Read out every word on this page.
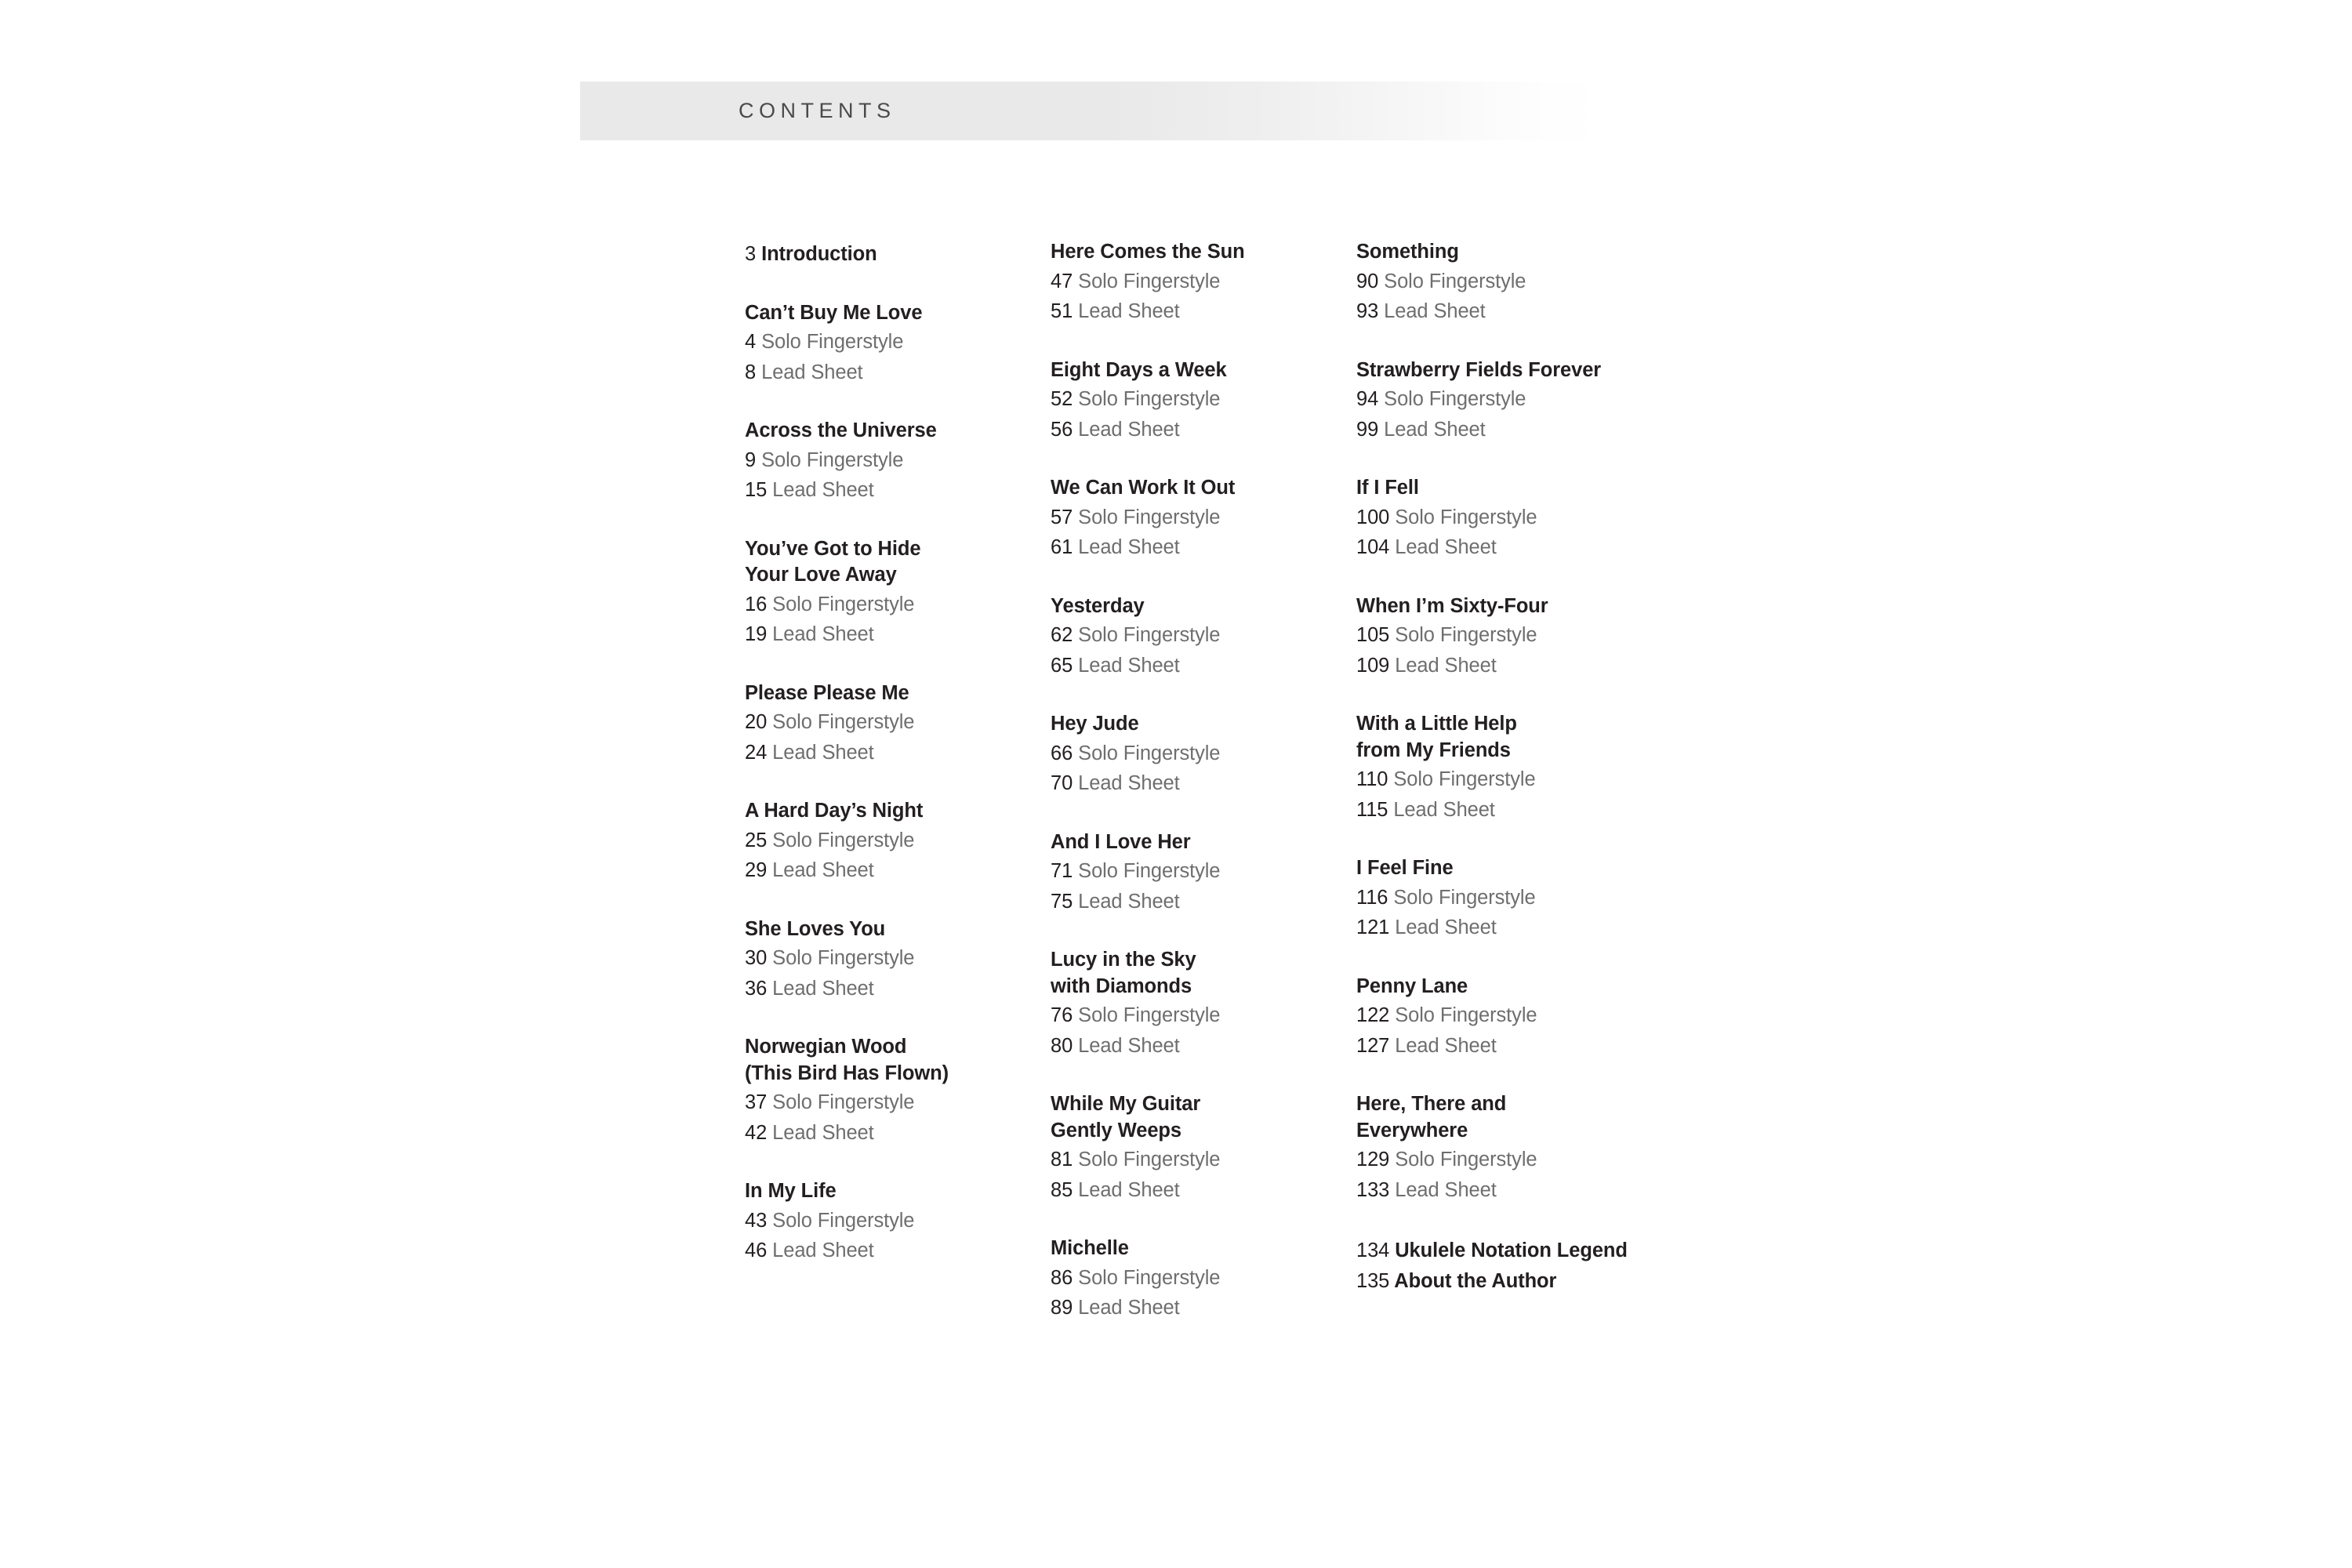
CONTENTS
3 Introduction
Can’t Buy Me Love
4 Solo Fingerstyle
8 Lead Sheet
Across the Universe
9 Solo Fingerstyle
15 Lead Sheet
You’ve Got to Hide
Your Love Away
16 Solo Fingerstyle
19 Lead Sheet
Please Please Me
20 Solo Fingerstyle
24 Lead Sheet
A Hard Day’s Night
25 Solo Fingerstyle
29 Lead Sheet
She Loves You
30 Solo Fingerstyle
36 Lead Sheet
Norwegian Wood
(This Bird Has Flown)
37 Solo Fingerstyle
42 Lead Sheet
In My Life
43 Solo Fingerstyle
46 Lead Sheet
Here Comes the Sun
47 Solo Fingerstyle
51 Lead Sheet
Eight Days a Week
52 Solo Fingerstyle
56 Lead Sheet
We Can Work It Out
57 Solo Fingerstyle
61 Lead Sheet
Yesterday
62 Solo Fingerstyle
65 Lead Sheet
Hey Jude
66 Solo Fingerstyle
70 Lead Sheet
And I Love Her
71 Solo Fingerstyle
75 Lead Sheet
Lucy in the Sky
with Diamonds
76 Solo Fingerstyle
80 Lead Sheet
While My Guitar
Gently Weeps
81 Solo Fingerstyle
85 Lead Sheet
Michelle
86 Solo Fingerstyle
89 Lead Sheet
Something
90 Solo Fingerstyle
93 Lead Sheet
Strawberry Fields Forever
94 Solo Fingerstyle
99 Lead Sheet
If I Fell
100 Solo Fingerstyle
104 Lead Sheet
When I’m Sixty-Four
105 Solo Fingerstyle
109 Lead Sheet
With a Little Help
from My Friends
110 Solo Fingerstyle
115 Lead Sheet
I Feel Fine
116 Solo Fingerstyle
121 Lead Sheet
Penny Lane
122 Solo Fingerstyle
127 Lead Sheet
Here, There and
Everywhere
129 Solo Fingerstyle
133 Lead Sheet
134 Ukulele Notation Legend
135 About the Author
